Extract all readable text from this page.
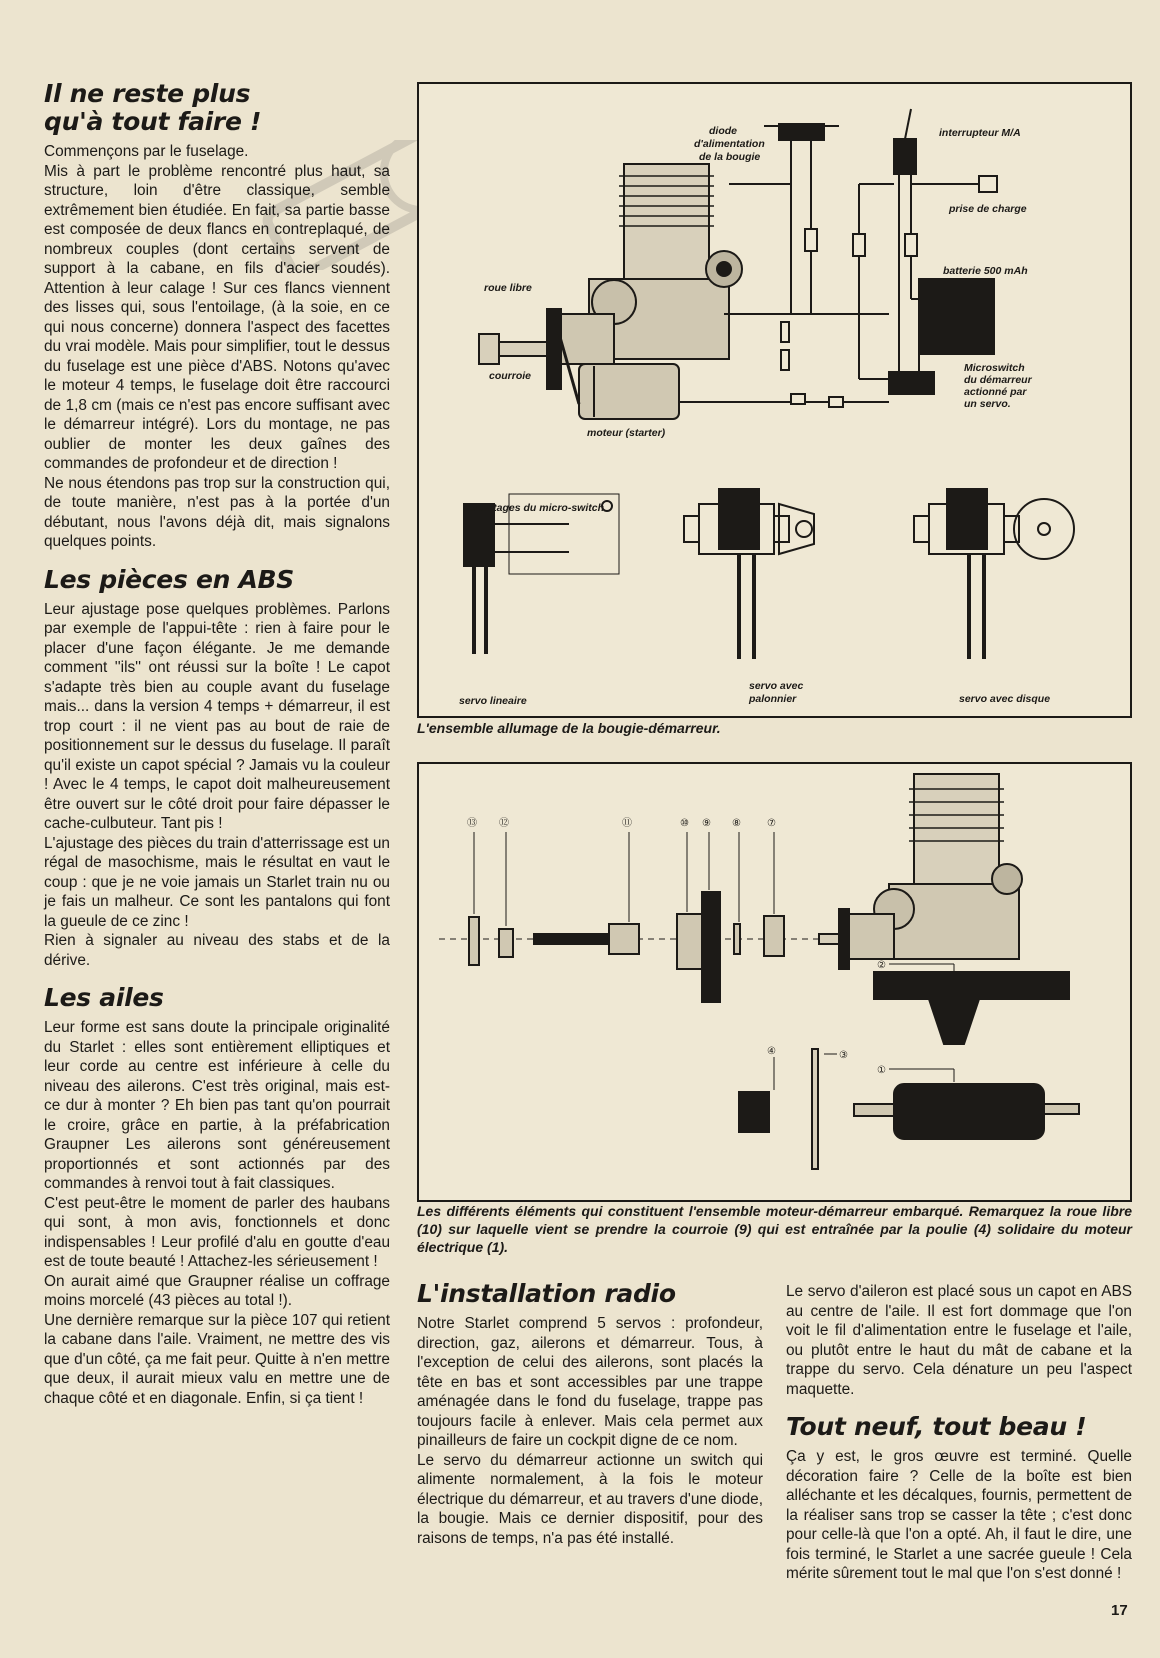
Il ne reste plus
qu'à tout faire !

Commençons par le fuselage.

Mis à part le problème rencontré plus haut, sa structure, loin d'être classique, semble extrêmement bien étudiée. En fait, sa partie basse est composée de deux flancs en contreplaqué, de nombreux couples (dont certains servent de support à la cabane, en fils d'acier soudés). Attention à leur calage ! Sur ces flancs viennent des lisses qui, sous l'entoilage, (à la soie, en ce qui nous concerne) donnera l'aspect des facettes du vrai modèle. Mais pour simplifier, tout le dessus du fuselage est une pièce d'ABS. Notons qu'avec le moteur 4 temps, le fuselage doit être raccourci de 1,8 cm (mais ce n'est pas encore suffisant avec le démarreur intégré). Lors du montage, ne pas oublier de monter les deux gaînes des commandes de profondeur et de direction !

Ne nous étendons pas trop sur la construction qui, de toute manière, n'est pas à la portée d'un débutant, nous l'avons déjà dit, mais signalons quelques points.

Les pièces en ABS

Leur ajustage pose quelques problèmes. Parlons par exemple de l'appui-tête : rien à faire pour le placer d'une façon élégante. Je me demande comment ''ils'' ont réussi sur la boîte ! Le capot s'adapte très bien au couple avant du fuselage mais... dans la version 4 temps + démarreur, il est trop court : il ne vient pas au bout de raie de positionnement sur le dessus du fuselage. Il paraît qu'il existe un capot spécial ? Jamais vu la couleur ! Avec le 4 temps, le capot doit malheureusement être ouvert sur le côté droit pour faire dépasser le cache-culbuteur. Tant pis !

L'ajustage des pièces du train d'atterrissage est un régal de masochisme, mais le résultat en vaut le coup : que je ne voie jamais un Starlet train nu ou je fais un malheur. Ce sont les pantalons qui font la gueule de ce zinc !

Rien à signaler au niveau des stabs et de la dérive.

Les ailes

Leur forme est sans doute la principale originalité du Starlet : elles sont entièrement elliptiques et leur corde au centre est inférieure à celle du niveau des ailerons. C'est très original, mais est-ce dur à monter ? Eh bien pas tant qu'on pourrait le croire, grâce en partie, à la préfabrication Graupner Les ailerons sont généreusement proportionnés et sont actionnés par des commandes à renvoi tout à fait classiques.

C'est peut-être le moment de parler des haubans qui sont, à mon avis, fonctionnels et donc indispensables ! Leur profilé d'alu en goutte d'eau est de toute beauté ! Attachez-les sérieusement !

On aurait aimé que Graupner réalise un coffrage moins morcelé (43 pièces au total !).

Une dernière remarque sur la pièce 107 qui retient la cabane dans l'aile. Vraiment, ne mettre des vis que d'un côté, ça me fait peur. Quitte à n'en mettre que deux, il aurait mieux valu en mettre une de chaque côté et en diagonale. Enfin, si ça tient !

diode
d'alimentation
de la bougie
interrupteur M/A
prise de charge
batterie 500 mAh
roue libre
courroie
moteur (starter)
Microswitch
du démarreur
actionné par
un servo.
montages du micro-switch
servo lineaire
servo avec
palonnier	servo avec disque
L'ensemble allumage de la bougie-démarreur.
⑬ ⑫	⑪	⑩ ⑨ ⑧	⑦
②
④	③
①
Les différents éléments qui constituent l'ensemble moteur-démarreur embarqué. Remarquez la roue libre (10) sur laquelle vient se prendre la courroie (9) qui est entraînée par la poulie (4) solidaire du moteur électrique (1).
L'installation radio

Notre Starlet comprend 5 servos : profondeur, direction, gaz, ailerons et démarreur. Tous, à l'exception de celui des ailerons, sont placés la tête en bas et sont accessibles par une trappe aménagée dans le fond du fuselage, trappe pas toujours facile à enlever. Mais cela permet aux pinailleurs de faire un cockpit digne de ce nom.

Le servo du démarreur actionne un switch qui alimente normalement, à la fois le moteur électrique du démarreur, et au travers d'une diode, la bougie. Mais ce dernier dispositif, pour des raisons de temps, n'a pas été installé.

Le servo d'aileron est placé sous un capot en ABS au centre de l'aile. Il est fort dommage que l'on voit le fil d'alimentation entre le fuselage et l'aile, ou plutôt entre le haut du mât de cabane et la trappe du servo. Cela dénature un peu l'aspect maquette.

Tout neuf, tout beau !

Ça y est, le gros œuvre est terminé. Quelle décoration faire ? Celle de la boîte est bien alléchante et les décalques, fournis, permettent de la réaliser sans trop se casser la tête ; c'est donc pour celle-là que l'on a opté. Ah, il faut le dire, une fois terminé, le Starlet a une sacrée gueule ! Cela mérite sûrement tout le mal que l'on s'est donné !

17
